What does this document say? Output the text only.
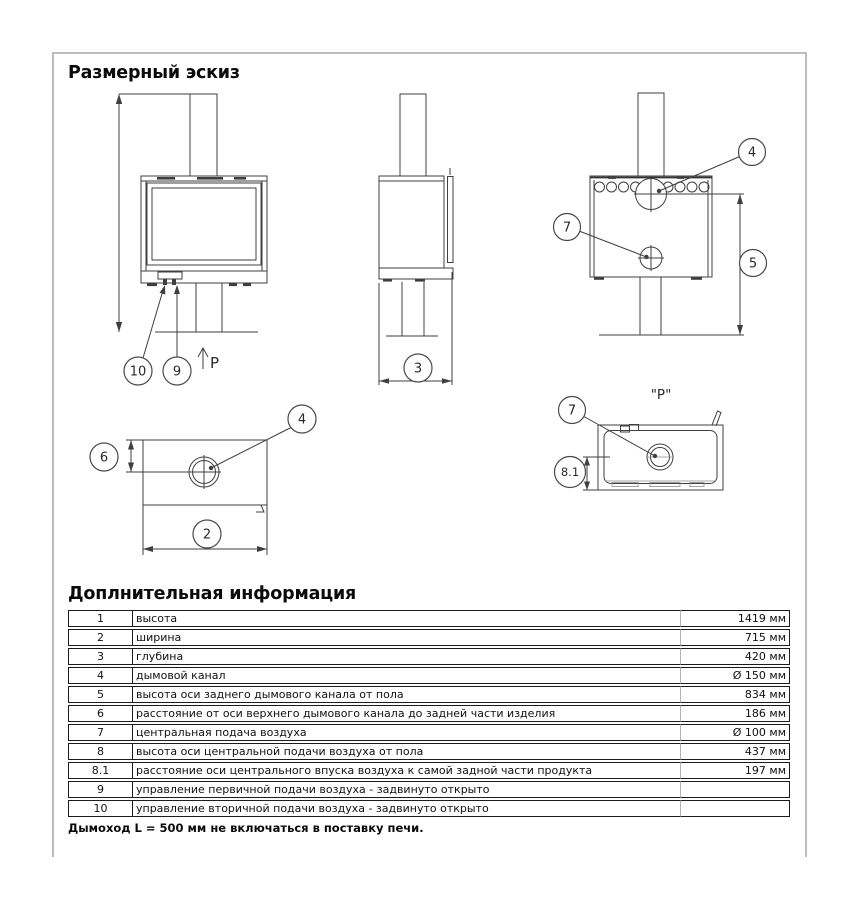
Размерный эскиз
10 9 P	3
4
7
5
4
6
2
"P"
7
8.1
Доплнительная информация
1	высота	1419 мм
2	ширина	715 мм
3	глубина	420 мм
4	дымовой канал	Ø 150 мм
5	высота оси заднего дымового канала от пола	834 мм
6	расстояние от оси верхнего дымового канала до задней части изделия	186 мм
7	центральная подача воздуха	Ø 100 мм
8	высота оси центральной подачи воздуха от пола	437 мм
8.1	расстояние оси центрального впуска воздуха к самой задной части продукта	197 мм
9	управление первичной подачи воздуха - задвинуто открыто	
10	управление вторичной подачи воздуха - задвинуто открыто	

Дымоход L = 500 мм не включаться в поставку печи.
